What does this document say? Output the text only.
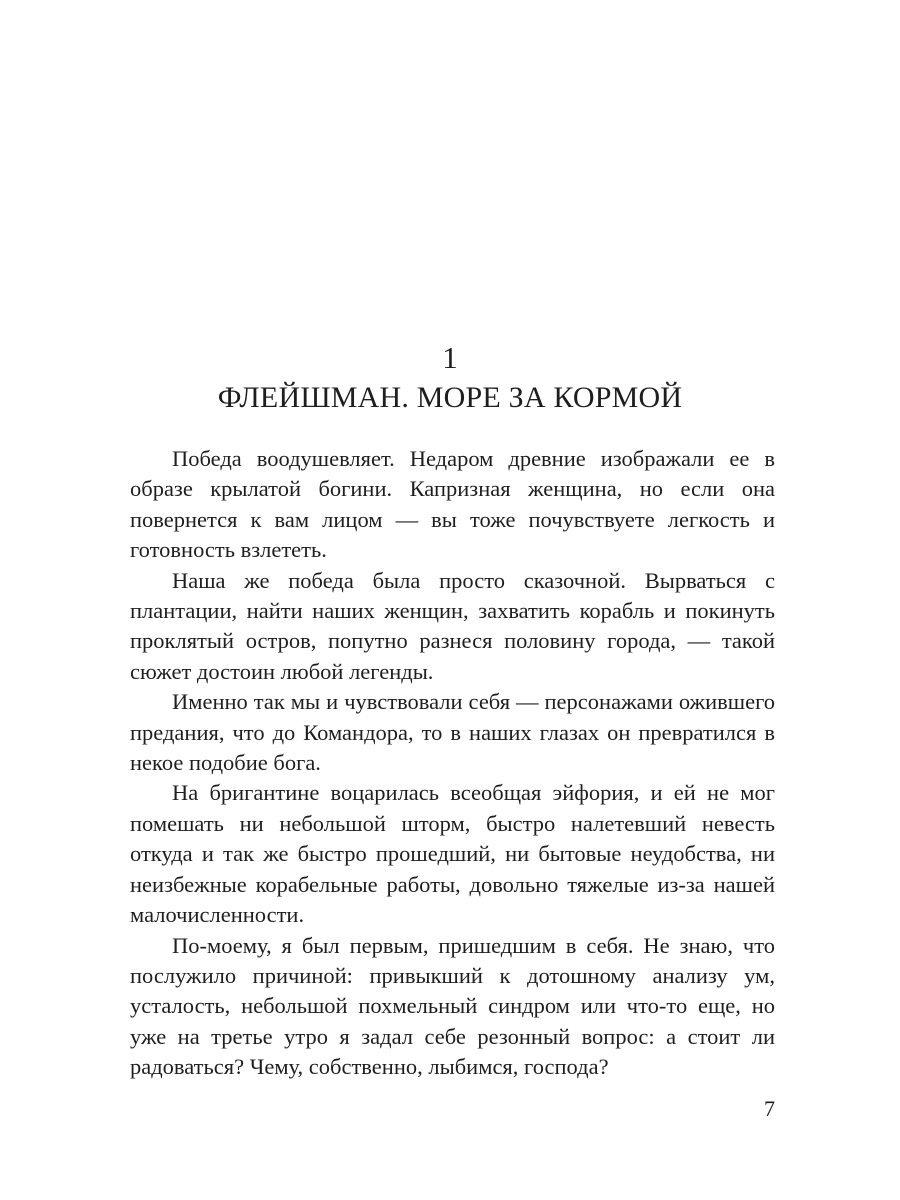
1
ФЛЕЙШМАН. МОРЕ ЗА КОРМОЙ

Победа воодушевляет. Недаром древние изображали ее в образе крылатой богини. Капризная женщина, но если она повернется к вам лицом — вы тоже почувствуете легкость и готовность взлететь.

Наша же победа была просто сказочной. Вырваться с плантации, найти наших женщин, захватить корабль и покинуть проклятый остров, попутно разнеся половину города, — такой сюжет достоин любой легенды.

Именно так мы и чувствовали себя — персонажами ожившего предания, что до Командора, то в наших глазах он превратился в некое подобие бога.

На бригантине воцарилась всеобщая эйфория, и ей не мог помешать ни небольшой шторм, быстро налетевший невесть откуда и так же быстро прошедший, ни бытовые неудобства, ни неизбежные корабельные работы, довольно тяжелые из-за нашей малочисленности.

По-моему, я был первым, пришедшим в себя. Не знаю, что послужило причиной: привыкший к дотошному анализу ум, усталость, небольшой похмельный синдром или что-то еще, но уже на третье утро я задал себе резонный вопрос: а стоит ли радоваться? Чему, собственно, лыбимся, господа?

7
